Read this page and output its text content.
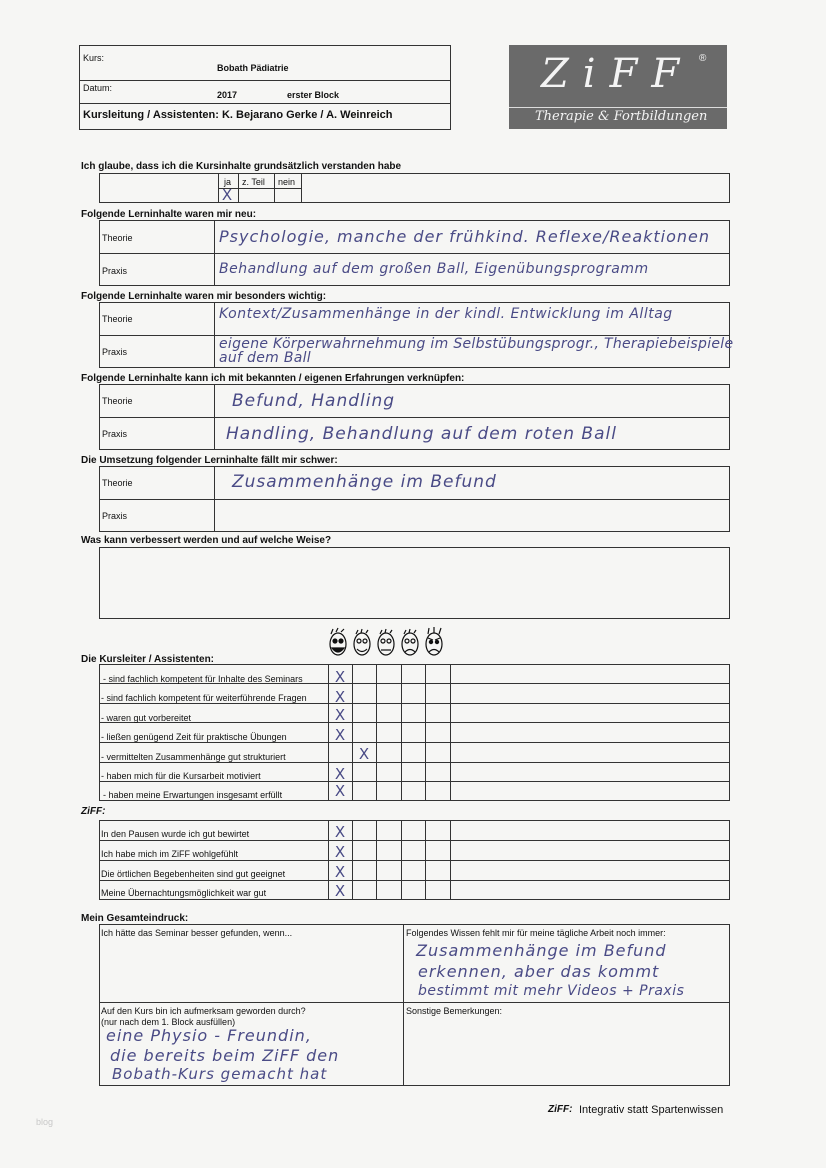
Kurs:
Bobath Pädiatrie
Datum:
2017	erster Block
Kursleitung / Assistenten: K. Bejarano Gerke / A. Weinreich
ZiFF ®
Therapie & Fortbildungen
Ich glaube, dass ich die Kursinhalte grundsätzlich verstanden habe
ja z. Teil nein
X
Folgende Lerninhalte waren mir neu:
Theorie
Praxis
Psychologie, manche der frühkind. Reflexe/Reaktionen
Behandlung auf dem großen Ball, Eigenübungsprogramm
Folgende Lerninhalte waren mir besonders wichtig:
Theorie
Praxis
Kontext/Zusammenhänge in der kindl. Entwicklung im Alltag
eigene Körperwahrnehmung im Selbstübungsprogr., Therapiebeispiele auf dem Ball
Folgende Lerninhalte kann ich mit bekannten / eigenen Erfahrungen verknüpfen:
Theorie
Praxis
Befund, Handling
Handling, Behandlung auf dem roten Ball
Die Umsetzung folgender Lerninhalte fällt mir schwer:
Theorie
Praxis
Zusammenhänge im Befund
Was kann verbessert werden und auf welche Weise?
Die Kursleiter / Assistenten:
- sind fachlich kompetent für Inhalte des Seminars
- sind fachlich kompetent für weiterführende Fragen
- waren gut vorbereitet
- ließen genügend Zeit für praktische Übungen
- vermittelten Zusammenhänge gut strukturiert
- haben mich für die Kursarbeit motiviert
- haben meine Erwartungen insgesamt erfüllt
X
X
X
X
X
X
X
ZiFF:
In den Pausen wurde ich gut bewirtet
Ich habe mich im ZiFF wohlgefühlt
Die örtlichen Begebenheiten sind gut geeignet
Meine Übernachtungsmöglichkeit war gut
X
X
X
X
Mein Gesamteindruck:
Ich hätte das Seminar besser gefunden, wenn...	Folgendes Wissen fehlt mir für meine tägliche Arbeit noch immer:
Zusammenhänge im Befund
erkennen, aber das kommt
bestimmt mit mehr Videos + Praxis
Auf den Kurs bin ich aufmerksam geworden durch?
(nur nach dem 1. Block ausfüllen)
eine Physio - Freundin,
die bereits beim ZiFF den
Bobath-Kurs gemacht hat
Sonstige Bemerkungen:
ZiFF: Integrativ statt Spartenwissen
blog
